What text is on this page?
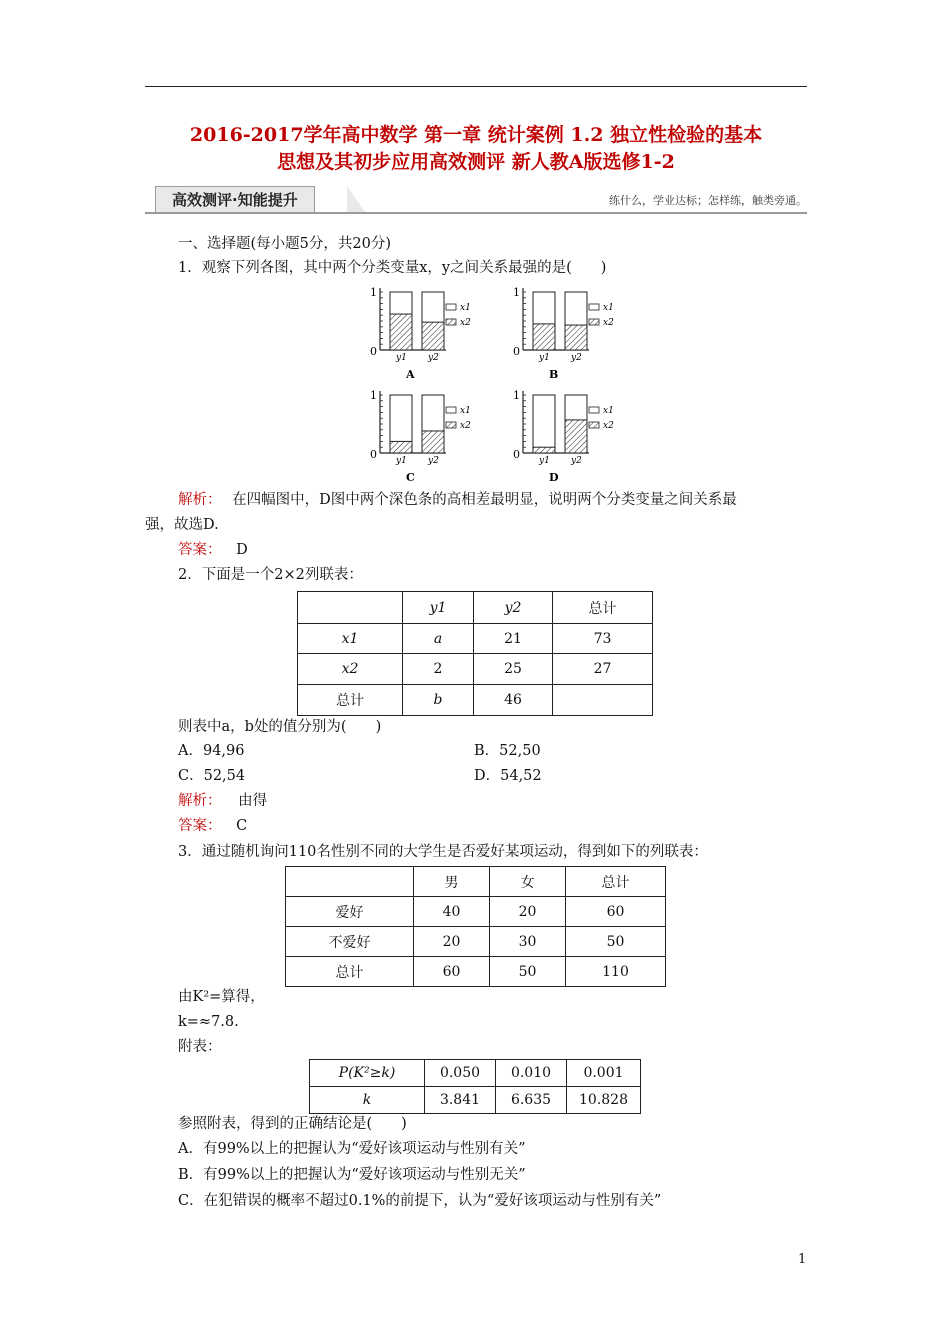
2016-2017学年高中数学 第一章 统计案例 1.2 独立性检验的基本
思想及其初步应用高效测评 新人教A版选修1-2
高效测评·知能提升	练什么，学业达标；怎样练，触类旁通。
一、选择题(每小题5分，共20分)
1．观察下列各图，其中两个分类变量x，y之间关系最强的是(　　)
1
0 y1 y2
x1
x2
A
1
0 y1 y2
x1
x2
B
1
0 y1 y2
x1
x2
C
1
0 y1 y2
x1
x2
D
解析： 在四幅图中，D图中两个深色条的高相差最明显，说明两个分类变量之间关系最
强，故选D.
答案： D
2．下面是一个2×2列联表：
	y1	y2	总计
x1	a	21	73
x2	2	25	27
总计	b	46	
则表中a，b处的值分别为(　　)
A．94,96	B．52,50
C．52,54	D．54,52
解析： 由得
答案： C
3．通过随机询问110名性别不同的大学生是否爱好某项运动，得到如下的列联表：
	男	女	总计
爱好	40	20	60
不爱好	20	30	50
总计	60	50	110
由K²=算得，
k=≈7.8.
附表：
P(K²≥k)	0.050	0.010	0.001
k	3.841	6.635	10.828
参照附表，得到的正确结论是(　　)
A．有99%以上的把握认为“爱好该项运动与性别有关”
B．有99%以上的把握认为“爱好该项运动与性别无关”
C．在犯错误的概率不超过0.1%的前提下，认为“爱好该项运动与性别有关”
1
